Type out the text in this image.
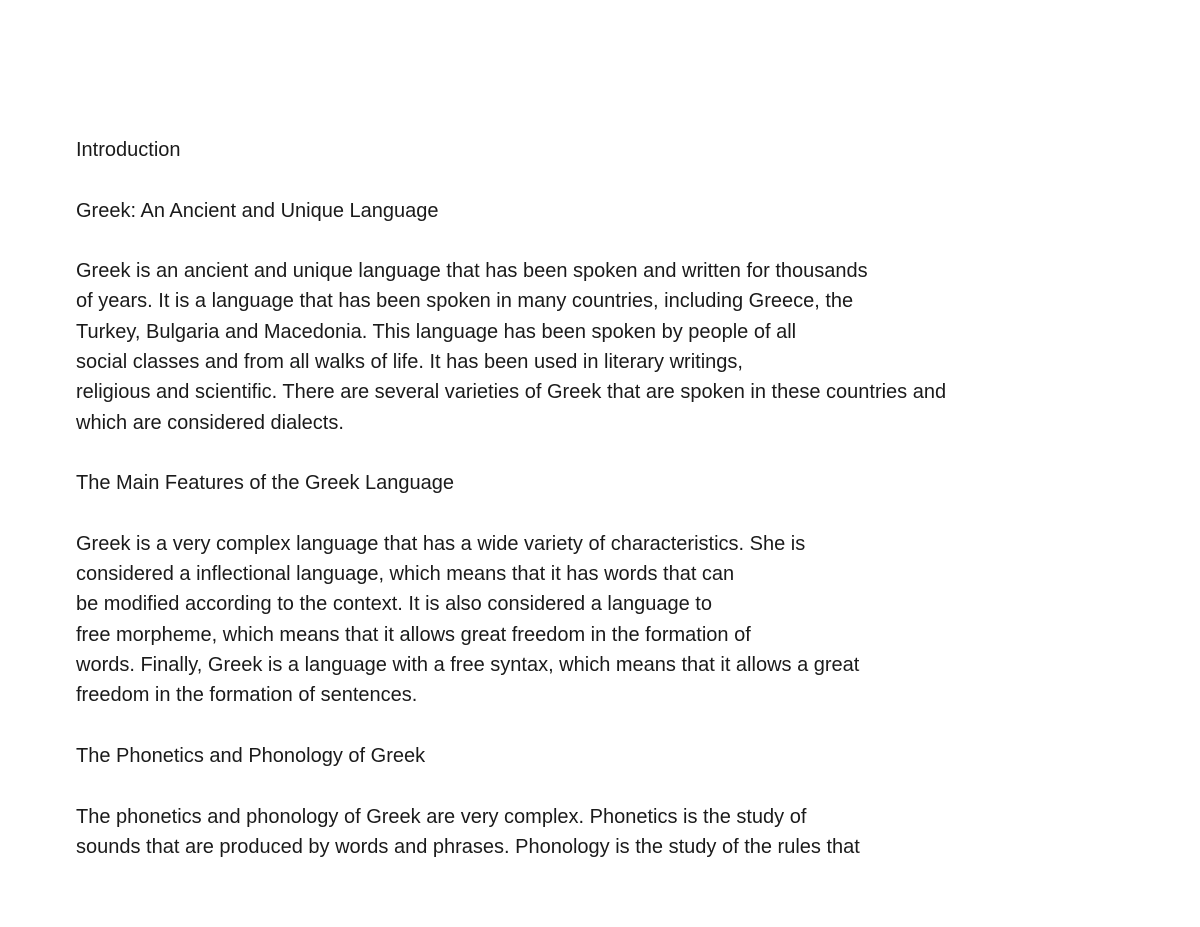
Introduction
Greek: An Ancient and Unique Language
Greek is an ancient and unique language that has been spoken and written for thousands
of years. It is a language that has been spoken in many countries, including Greece, the
Turkey, Bulgaria and Macedonia. This language has been spoken by people of all
social classes and from all walks of life. It has been used in literary writings,
religious and scientific. There are several varieties of Greek that are spoken in these countries and
which are considered dialects.
The Main Features of the Greek Language
Greek is a very complex language that has a wide variety of characteristics. She is
considered a inflectional language, which means that it has words that can
be modified according to the context. It is also considered a language to
free morpheme, which means that it allows great freedom in the formation of
words. Finally, Greek is a language with a free syntax, which means that it allows a great
freedom in the formation of sentences.
The Phonetics and Phonology of Greek
The phonetics and phonology of Greek are very complex. Phonetics is the study of
sounds that are produced by words and phrases. Phonology is the study of the rules that
